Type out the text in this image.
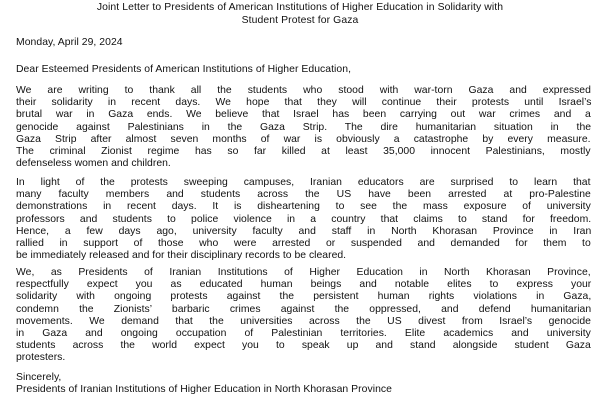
Joint Letter to Presidents of American Institutions of Higher Education in Solidarity with
Student Protest for Gaza
Monday, April 29, 2024
Dear Esteemed Presidents of American Institutions of Higher Education,
We are writing to thank all the students who stood with war-torn Gaza and expressed
their solidarity in recent days. We hope that they will continue their protests until Israel’s
brutal war in Gaza ends. We believe that Israel has been carrying out war crimes and a
genocide against Palestinians in the Gaza Strip. The dire humanitarian situation in the
Gaza Strip after almost seven months of war is obviously a catastrophe by every measure.
The criminal Zionist regime has so far killed at least 35,000 innocent Palestinians, mostly
defenseless women and children.
In light of the protests sweeping campuses, Iranian educators are surprised to learn that
many faculty members and students across the US have been arrested at pro-Palestine
demonstrations in recent days. It is disheartening to see the mass exposure of university
professors and students to police violence in a country that claims to stand for freedom.
Hence, a few days ago, university faculty and staff in North Khorasan Province in Iran
rallied in support of those who were arrested or suspended and demanded for them to
be immediately released and for their disciplinary records to be cleared.
We, as Presidents of Iranian Institutions of Higher Education in North Khorasan Province,
respectfully expect you as educated human beings and notable elites to express your
solidarity with ongoing protests against the persistent human rights violations in Gaza,
condemn the Zionists’ barbaric crimes against the oppressed, and defend humanitarian
movements. We demand that the universities across the US divest from Israel’s genocide
in Gaza and ongoing occupation of Palestinian territories. Elite academics and university
students across the world expect you to speak up and stand alongside student Gaza
protesters.
Sincerely,
Presidents of Iranian Institutions of Higher Education in North Khorasan Province
